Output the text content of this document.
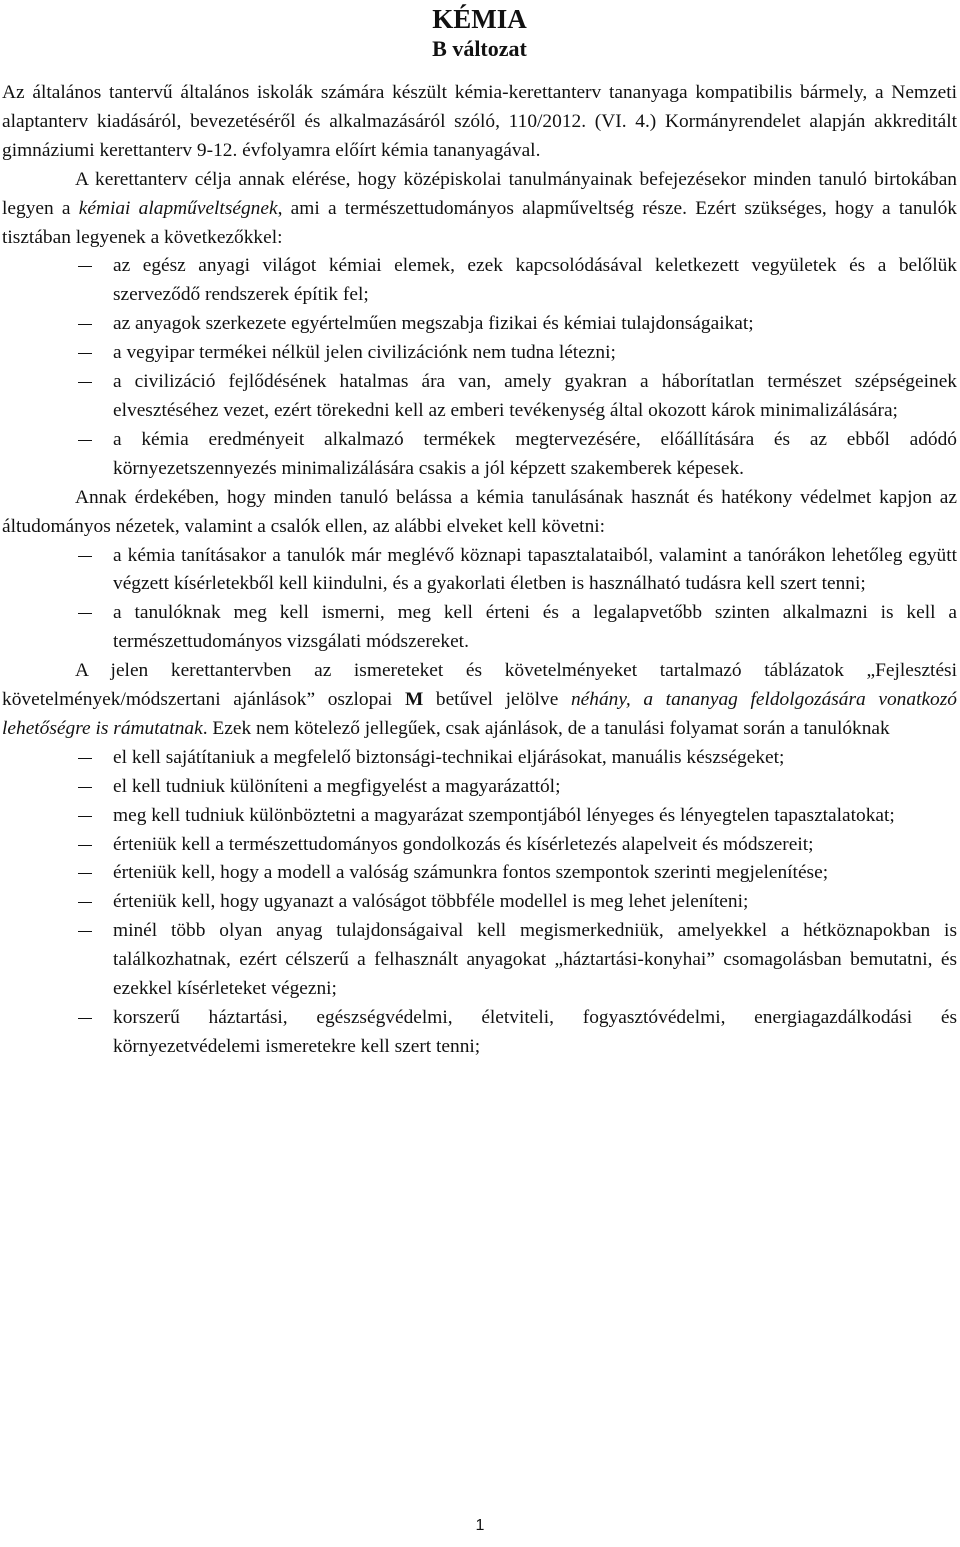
KÉMIA
B változat

Az általános tantervű általános iskolák számára készült kémia-kerettanterv tananyaga kompatibilis bármely, a Nemzeti alaptanterv kiadásáról, bevezetéséről és alkalmazásáról szóló, 110/2012. (VI. 4.) Kormányrendelet alapján akkreditált gimnáziumi kerettanterv 9-12. évfolyamra előírt kémia tananyagával.

A kerettanterv célja annak elérése, hogy középiskolai tanulmányainak befejezésekor minden tanuló birtokában legyen a kémiai alapműveltségnek, ami a természettudományos alapműveltség része. Ezért szükséges, hogy a tanulók tisztában legyenek a következőkkel:

az egész anyagi világot kémiai elemek, ezek kapcsolódásával keletkezett vegyületek és a belőlük szerveződő rendszerek építik fel;
az anyagok szerkezete egyértelműen megszabja fizikai és kémiai tulajdonságaikat;
a vegyipar termékei nélkül jelen civilizációnk nem tudna létezni;
a civilizáció fejlődésének hatalmas ára van, amely gyakran a háborítatlan természet szépségeinek elvesztéséhez vezet, ezért törekedni kell az emberi tevékenység által okozott károk minimalizálására;
a kémia eredményeit alkalmazó termékek megtervezésére, előállítására és az ebből adódó környezetszennyezés minimalizálására csakis a jól képzett szakemberek képesek.

Annak érdekében, hogy minden tanuló belássa a kémia tanulásának hasznát és hatékony védelmet kapjon az áltudományos nézetek, valamint a csalók ellen, az alábbi elveket kell követni:

a kémia tanításakor a tanulók már meglévő köznapi tapasztalataiból, valamint a tanórákon lehetőleg együtt végzett kísérletekből kell kiindulni, és a gyakorlati életben is használható tudásra kell szert tenni;
a tanulóknak meg kell ismerni, meg kell érteni és a legalapvetőbb szinten alkalmazni is kell a természettudományos vizsgálati módszereket.

A jelen kerettantervben az ismereteket és követelményeket tartalmazó táblázatok „Fejlesztési követelmények/módszertani ajánlások” oszlopai M betűvel jelölve néhány, a tananyag feldolgozására vonatkozó lehetőségre is rámutatnak. Ezek nem kötelező jellegűek, csak ajánlások, de a tanulási folyamat során a tanulóknak

el kell sajátítaniuk a megfelelő biztonsági-technikai eljárásokat, manuális készségeket;
el kell tudniuk különíteni a megfigyelést a magyarázattól;
meg kell tudniuk különböztetni a magyarázat szempontjából lényeges és lényegtelen tapasztalatokat;
érteniük kell a természettudományos gondolkozás és kísérletezés alapelveit és módszereit;
érteniük kell, hogy a modell a valóság számunkra fontos szempontok szerinti megjelenítése;
érteniük kell, hogy ugyanazt a valóságot többféle modellel is meg lehet jeleníteni;
minél több olyan anyag tulajdonságaival kell megismerkedniük, amelyekkel a hétköznapokban is találkozhatnak, ezért célszerű a felhasznált anyagokat „háztartási-konyhai” csomagolásban bemutatni, és ezekkel kísérleteket végezni;
korszerű háztartási, egészségvédelmi, életviteli, fogyasztóvédelmi, energiagazdálkodási és környezetvédelemi ismeretekre kell szert tenni;
1
